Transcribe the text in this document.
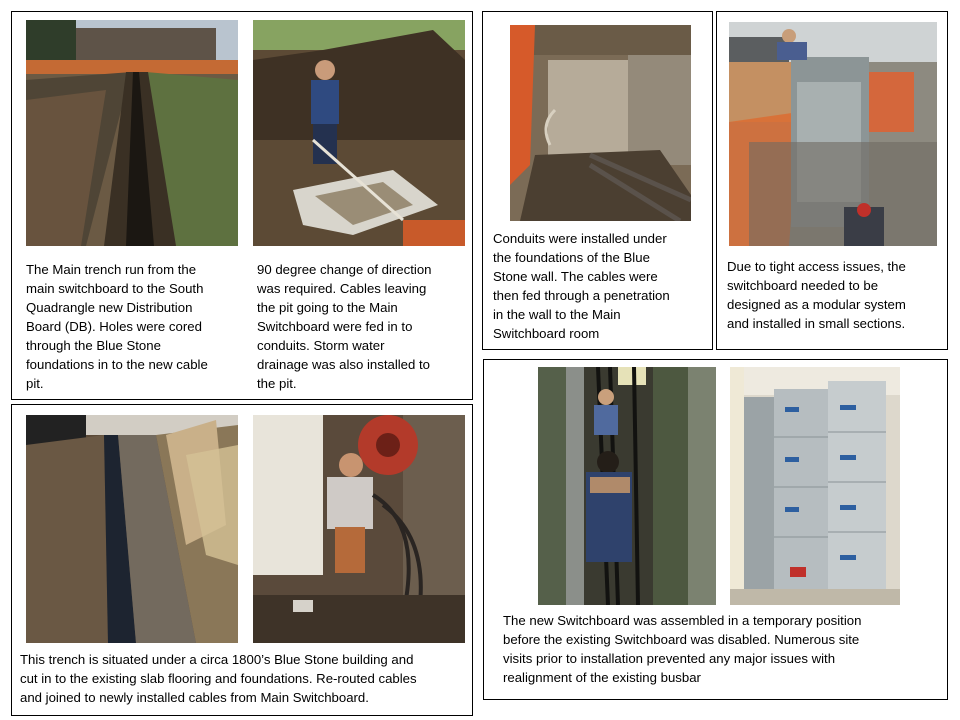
The Main trench run from the
main switchboard to the South
Quadrangle new Distribution
Board (DB). Holes were cored
through the Blue Stone
foundations in to the new cable
pit.
90 degree change of direction
was required. Cables leaving
the pit going to the Main
Switchboard were fed in to
conduits. Storm water
drainage was also installed to
the pit.
Conduits were installed under
the foundations of the Blue
Stone wall. The cables were
then fed through a penetration
in the wall to the Main
Switchboard room
Due to tight access issues, the
switchboard needed to be
designed as a modular system
and installed in small sections.
This trench is situated under a circa 1800’s Blue Stone building and
cut in to the existing slab flooring and foundations. Re-routed cables
and joined to newly installed cables from Main Switchboard.
The new Switchboard was assembled in a temporary position
before the existing Switchboard was disabled. Numerous site
visits prior to installation prevented any major issues with
realignment of the existing busbar
